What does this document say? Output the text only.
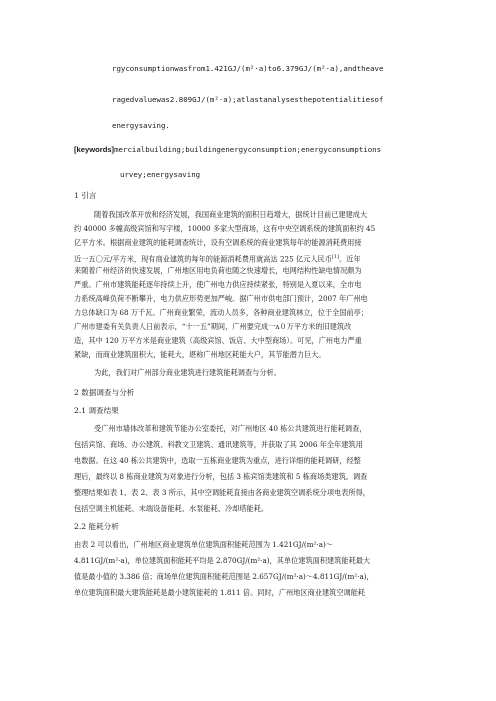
rgyconsumptionwasfrom1.421GJ/(m²·a)to6.379GJ/(m²·a),andtheave
ragedvaluewas2.809GJ/(m²·a);atlastanalysesthepotentialitiesof
energysaving.
[keywords]mercialbuilding;buildingenergyconsumption;energyconsumptions
urvey;energysaving
1 引言
随着我国改革开放和经济发展，我国商业建筑的面积日趋增大，据统计目前已建建成大
约 40000 多幢高级宾馆和写字楼，10000 多家大型商场，这有中央空调系统的建筑面积约 45
亿平方米。根据商业建筑的能耗调查统计，设有空调系统的商业建筑每年的能源消耗费用接
近一五〇元/平方米，现有商业建筑的每年的能源消耗费用就高达 225 亿元人民币[1]。近年
来随着广州经济的快速发展，广州地区用电负荷也随之快速增长，电网结构性缺电情况颇为
严重。广州市建筑能耗逐年持续上升，使广州电力供应持续紧张，特别是入夏以来，全市电
力系统高峰负荷不断攀升，电力供应形势更加严峻。据广州市供电部门预计，2007 年广州电
力总体缺口为 68 万千瓦。广州商业繁荣，流动人员多，各种商业建筑林立，位于全国前亭；
广州市建委有关负责人日前表示，“十一五”期间，广州要完成一ʌ０万平方米的旧建筑改
造，其中 120 万平方米是商业建筑（高级宾馆、饭店、大中型商场）。可见，广州电力严重
紧缺，而商业建筑面积大，能耗大，堪称广州地区耗能大户，其节能潜力巨大。
为此，我们对广州部分商业建筑进行建筑能耗调查与分析。
2 数据调查与分析
2.1 调查结果
受广州市墙体改革和建筑节能办公室委托，对广州地区 40 栋公共建筑进行能耗调查，
包括宾馆、商场、办公建筑、科教文卫建筑、通讯建筑等，并获取了其 2006 年全年建筑用
电数据。在这 40 栋公共建筑中，选取一五栋商业建筑为重点，进行详细的能耗调研，经整
理后，最终以 8 栋商业建筑为对象进行分析，包括 3 栋宾馆类建筑和 5 栋商场类建筑。调查
整理结果如表 1、表 2、表 3 所示，其中空调能耗直接由各商业建筑空调系统分项电表所得，
包括空调主机能耗、末端设备能耗、水泵能耗、冷却塔能耗。
2.2 能耗分析
由表 2 可以看出，广州地区商业建筑单位建筑面积能耗范围为 1.421GJ/(m²·a)～
4.811GJ/(m²·a)，单位建筑面积能耗平均是 2.870GJ/(m²·a)，其单位建筑面积建筑能耗最大
值是最小值的 3.386 倍；商场单位建筑面积能耗范围是 2.657GJ/(m²·a)～4.811GJ/(m²·a)，
单位建筑面积最大建筑能耗是最小建筑能耗的 1.811 倍。同时，广州地区商业建筑空调能耗
